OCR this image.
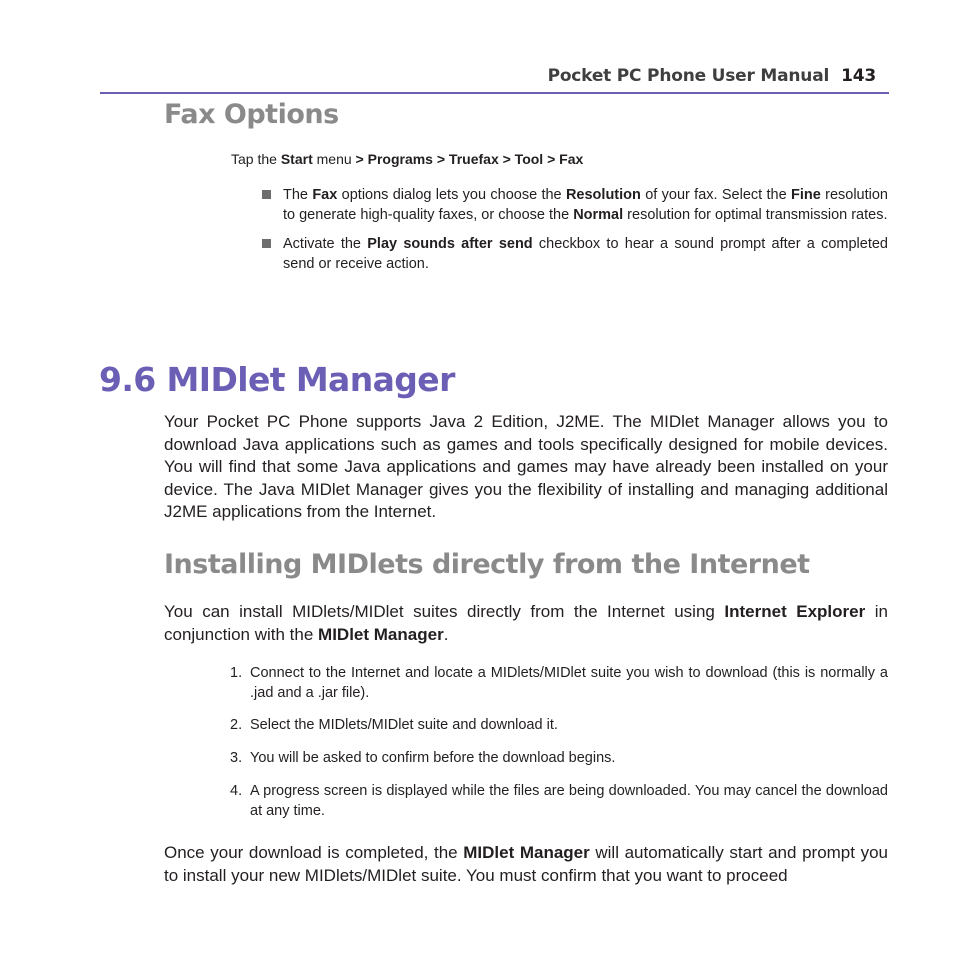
Pocket PC Phone User Manual 143
Fax Options
Tap the Start menu > Programs > Truefax > Tool > Fax
The Fax options dialog lets you choose the Resolution of your fax. Select the Fine resolution to generate high-quality faxes, or choose the Normal resolution for optimal transmission rates.
Activate the Play sounds after send checkbox to hear a sound prompt after a completed send or receive action.
9.6 MIDlet Manager

Your Pocket PC Phone supports Java 2 Edition, J2ME. The MIDlet Manager allows you to download Java applications such as games and tools specifically designed for mobile devices. You will find that some Java applications and games may have already been installed on your device. The Java MIDlet Manager gives you the flexibility of installing and managing additional J2ME applications from the Internet.

Installing MIDlets directly from the Internet

You can install MIDlets/MIDlet suites directly from the Internet using Internet Explorer in conjunction with the MIDlet Manager.

1. Connect to the Internet and locate a MIDlets/MIDlet suite you wish to download (this is normally a .jad and a .jar file).
2. Select the MIDlets/MIDlet suite and download it.
3. You will be asked to confirm before the download begins.
4. A progress screen is displayed while the files are being downloaded. You may cancel the download at any time.

Once your download is completed, the MIDlet Manager will automatically start and prompt you to install your new MIDlets/MIDlet suite. You must confirm that you want to proceed
